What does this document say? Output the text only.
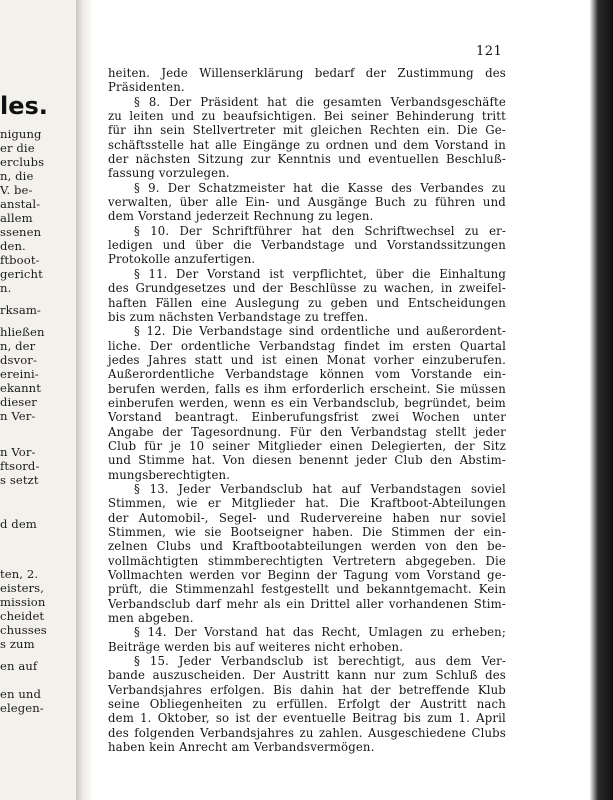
les.
nigung
er die
erclubs
n, die
V. be-
anstal-
allem
ssenen
den.
ftboot-
gericht
n.
rksam-
hließen
n, der
dsvor-
ereini-
ekannt
dieser
n Ver-
n Vor-
ftsord-
s setzt
d dem
ten, 2.
eisters,
mission
cheidet
chusses
s zum
en auf
en und
elegen-
121
heiten. Jede Willenserklärung bedarf der Zustimmung des
Präsidenten.
§ 8. Der Präsident hat die gesamten Verbandsgeschäfte
zu leiten und zu beaufsichtigen. Bei seiner Behinderung tritt
für ihn sein Stellvertreter mit gleichen Rechten ein. Die Ge-
schäftsstelle hat alle Eingänge zu ordnen und dem Vorstand in
der nächsten Sitzung zur Kenntnis und eventuellen Beschluß-
fassung vorzulegen.
§ 9. Der Schatzmeister hat die Kasse des Verbandes zu
verwalten, über alle Ein- und Ausgänge Buch zu führen und
dem Vorstand jederzeit Rechnung zu legen.
§ 10. Der Schriftführer hat den Schriftwechsel zu er-
ledigen und über die Verbandstage und Vorstandssitzungen
Protokolle anzufertigen.
§ 11. Der Vorstand ist verpflichtet, über die Einhaltung
des Grundgesetzes und der Beschlüsse zu wachen, in zweifel-
haften Fällen eine Auslegung zu geben und Entscheidungen
bis zum nächsten Verbandstage zu treffen.
§ 12. Die Verbandstage sind ordentliche und außerordent-
liche. Der ordentliche Verbandstag findet im ersten Quartal
jedes Jahres statt und ist einen Monat vorher einzuberufen.
Außerordentliche Verbandstage können vom Vorstande ein-
berufen werden, falls es ihm erforderlich erscheint. Sie müssen
einberufen werden, wenn es ein Verbandsclub, begründet, beim
Vorstand beantragt. Einberufungsfrist zwei Wochen unter
Angabe der Tagesordnung. Für den Verbandstag stellt jeder
Club für je 10 seiner Mitglieder einen Delegierten, der Sitz
und Stimme hat. Von diesen benennt jeder Club den Abstim-
mungsberechtigten.
§ 13. Jeder Verbandsclub hat auf Verbandstagen soviel
Stimmen, wie er Mitglieder hat. Die Kraftboot-Abteilungen
der Automobil-, Segel- und Rudervereine haben nur soviel
Stimmen, wie sie Bootseigner haben. Die Stimmen der ein-
zelnen Clubs und Kraftbootabteilungen werden von den be-
vollmächtigten stimmberechtigten Vertretern abgegeben. Die
Vollmachten werden vor Beginn der Tagung vom Vorstand ge-
prüft, die Stimmenzahl festgestellt und bekanntgemacht. Kein
Verbandsclub darf mehr als ein Drittel aller vorhandenen Stim-
men abgeben.
§ 14. Der Vorstand hat das Recht, Umlagen zu erheben;
Beiträge werden bis auf weiteres nicht erhoben.
§ 15. Jeder Verbandsclub ist berechtigt, aus dem Ver-
bande auszuscheiden. Der Austritt kann nur zum Schluß des
Verbandsjahres erfolgen. Bis dahin hat der betreffende Klub
seine Obliegenheiten zu erfüllen. Erfolgt der Austritt nach
dem 1. Oktober, so ist der eventuelle Beitrag bis zum 1. April
des folgenden Verbandsjahres zu zahlen. Ausgeschiedene Clubs
haben kein Anrecht am Verbandsvermögen.
